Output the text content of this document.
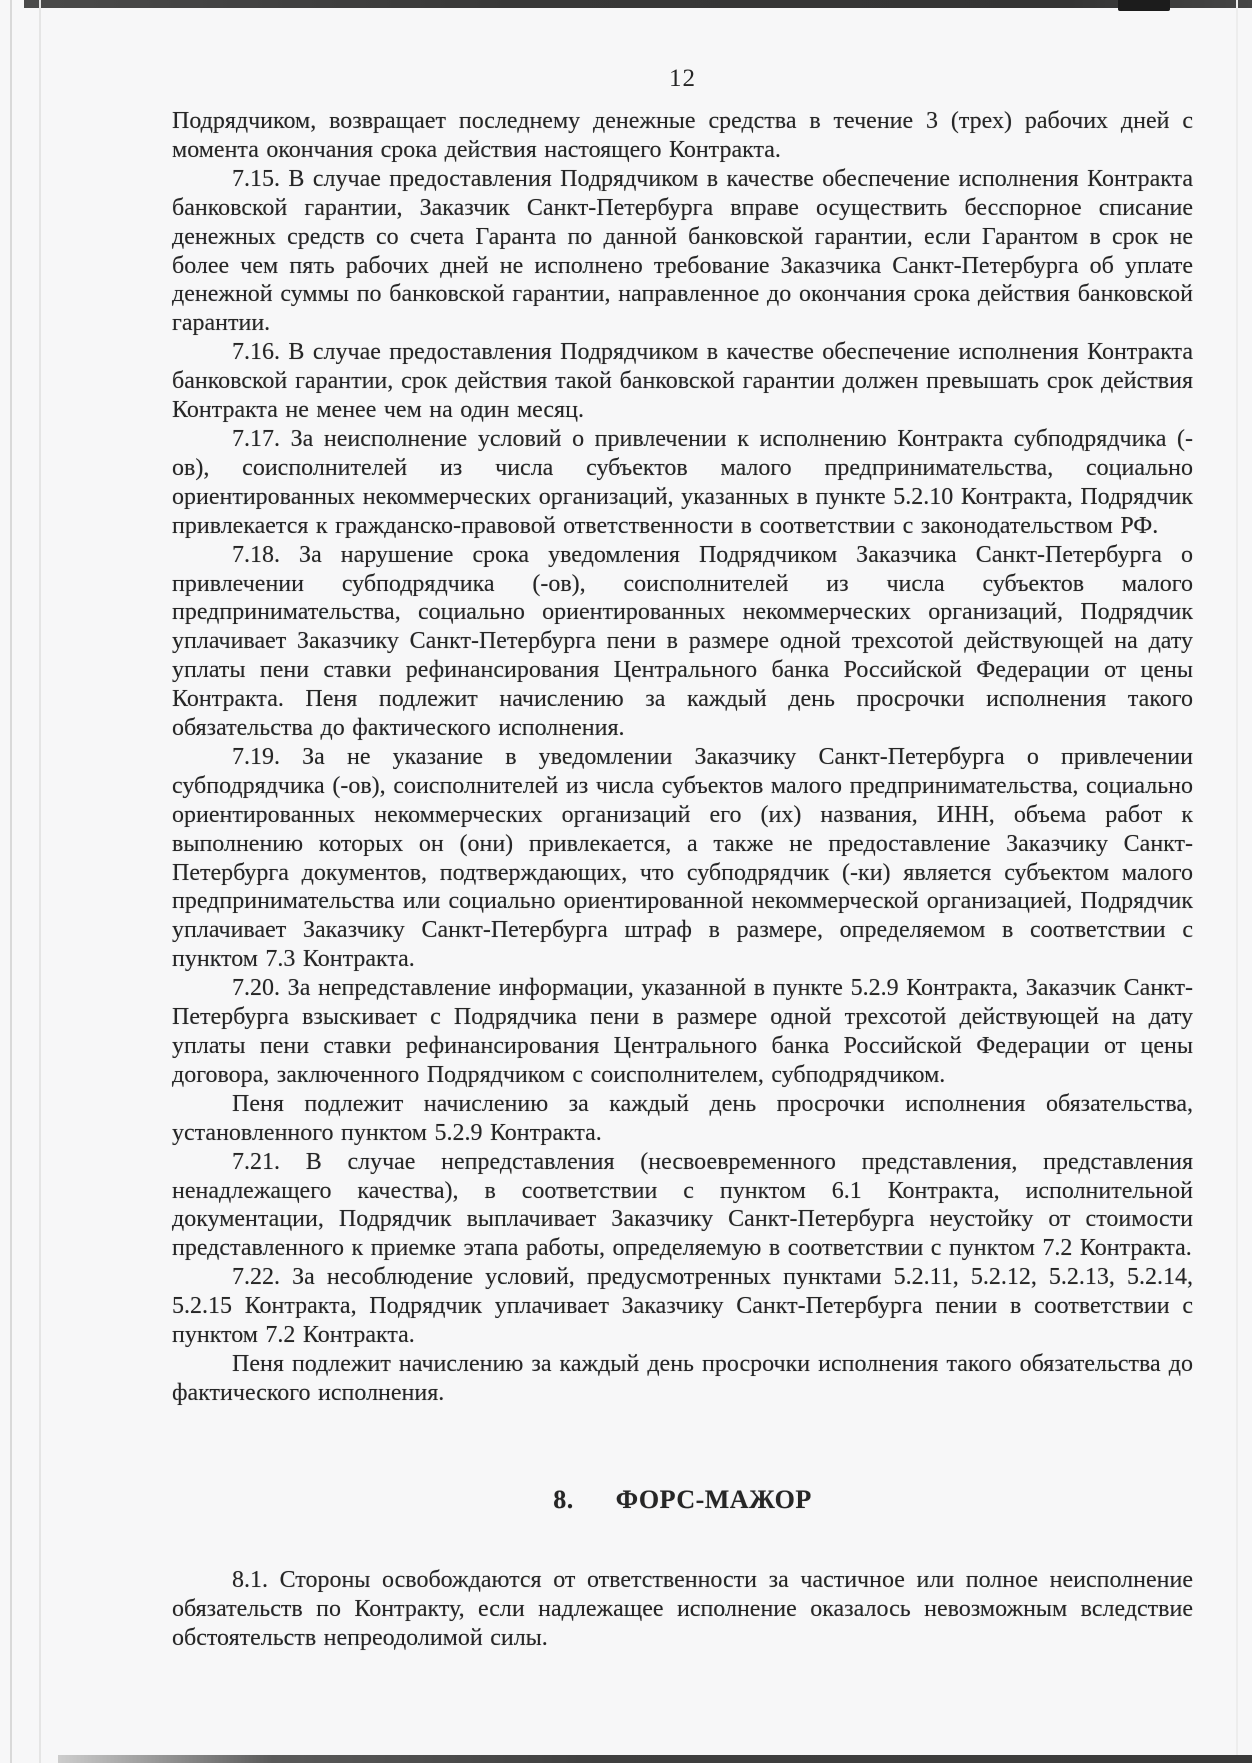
12

Подрядчиком, возвращает последнему денежные средства в течение 3 (трех) рабочих дней с момента окончания срока действия настоящего Контракта.

7.15. В случае предоставления Подрядчиком в качестве обеспечение исполнения Контракта банковской гарантии, Заказчик Санкт-Петербурга вправе осуществить бесспорное списание денежных средств со счета Гаранта по данной банковской гарантии, если Гарантом в срок не более чем пять рабочих дней не исполнено требование Заказчика Санкт-Петербурга об уплате денежной суммы по банковской гарантии, направленное до окончания срока действия банковской гарантии.

7.16. В случае предоставления Подрядчиком в качестве обеспечение исполнения Контракта банковской гарантии, срок действия такой банковской гарантии должен превышать срок действия Контракта не менее чем на один месяц.

7.17. За неисполнение условий о привлечении к исполнению Контракта субподрядчика (-ов), соисполнителей из числа субъектов малого предпринимательства, социально ориентированных некоммерческих организаций, указанных в пункте 5.2.10 Контракта, Подрядчик привлекается к гражданско-правовой ответственности в соответствии с законодательством РФ.

7.18. За нарушение срока уведомления Подрядчиком Заказчика Санкт-Петербурга о привлечении субподрядчика (-ов), соисполнителей из числа субъектов малого предпринимательства, социально ориентированных некоммерческих организаций, Подрядчик уплачивает Заказчику Санкт-Петербурга пени в размере одной трехсотой действующей на дату уплаты пени ставки рефинансирования Центрального банка Российской Федерации от цены Контракта. Пеня подлежит начислению за каждый день просрочки исполнения такого обязательства до фактического исполнения.

7.19. За не указание в уведомлении Заказчику Санкт-Петербурга о привлечении субподрядчика (-ов), соисполнителей из числа субъектов малого предпринимательства, социально ориентированных некоммерческих организаций его (их) названия, ИНН, объема работ к выполнению которых он (они) привлекается, а также не предоставление Заказчику Санкт-Петербурга документов, подтверждающих, что субподрядчик (-ки) является субъектом малого предпринимательства или социально ориентированной некоммерческой организацией, Подрядчик уплачивает Заказчику Санкт-Петербурга штраф в размере, определяемом в соответствии с пунктом 7.3 Контракта.

7.20. За непредставление информации, указанной в пункте 5.2.9 Контракта, Заказчик Санкт-Петербурга взыскивает с Подрядчика пени в размере одной трехсотой действующей на дату уплаты пени ставки рефинансирования Центрального банка Российской Федерации от цены договора, заключенного Подрядчиком с соисполнителем, субподрядчиком.

Пеня подлежит начислению за каждый день просрочки исполнения обязательства, установленного пунктом 5.2.9 Контракта.

7.21. В случае непредставления (несвоевременного представления, представления ненадлежащего качества), в соответствии с пунктом 6.1 Контракта, исполнительной документации, Подрядчик выплачивает Заказчику Санкт-Петербурга неустойку от стоимости представленного к приемке этапа работы, определяемую в соответствии с пунктом 7.2 Контракта.

7.22. За несоблюдение условий, предусмотренных пунктами 5.2.11, 5.2.12, 5.2.13, 5.2.14, 5.2.15 Контракта, Подрядчик уплачивает Заказчику Санкт-Петербурга пении в соответствии с пунктом 7.2 Контракта.

Пеня подлежит начислению за каждый день просрочки исполнения такого обязательства до фактического исполнения.

8. ФОРС-МАЖОР

8.1. Стороны освобождаются от ответственности за частичное или полное неисполнение обязательств по Контракту, если надлежащее исполнение оказалось невозможным вследствие обстоятельств непреодолимой силы.
